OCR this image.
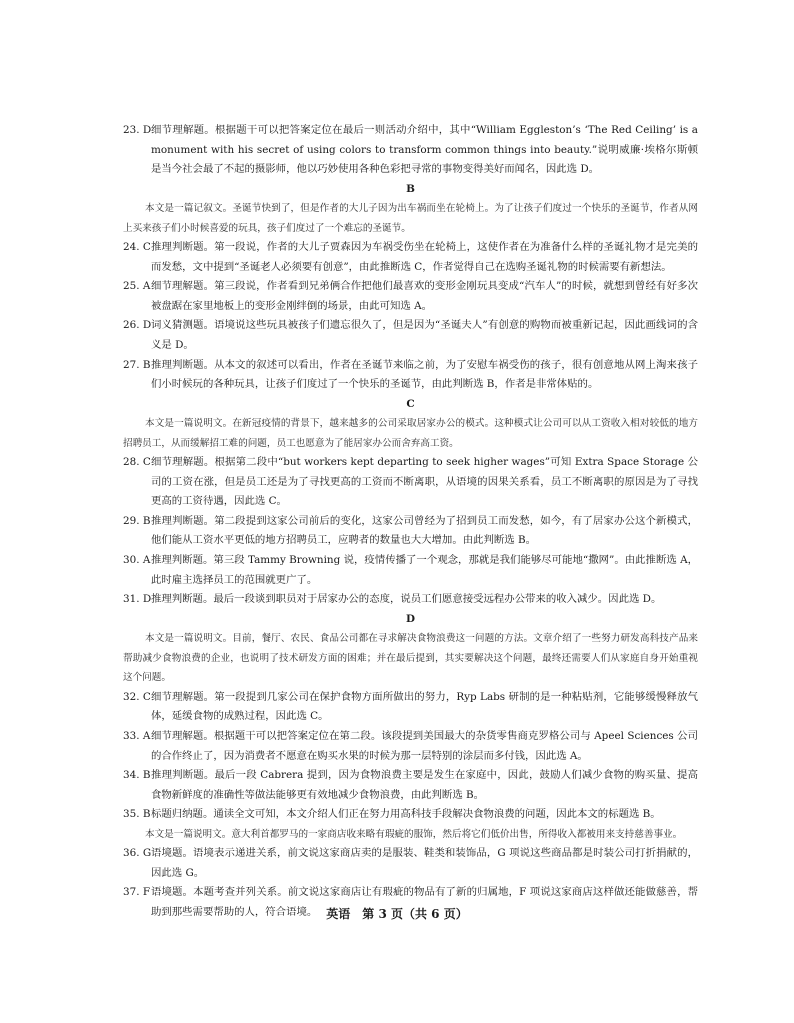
23. D 细节理解题。根据题干可以把答案定位在最后一则活动介绍中，其中“William Eggleston’s ‘The Red Ceiling’ is a monument with his secret of using colors to transform common things into beauty.”说明威廉·埃格尔斯顿是当今社会最了不起的摄影师，他以巧妙使用各种色彩把寻常的事物变得美好而闻名，因此选 D。
B
本文是一篇记叙文。圣诞节快到了，但是作者的大儿子因为出车祸而坐在轮椅上。为了让孩子们度过一个快乐的圣诞节，作者从网上买来孩子们小时候喜爱的玩具，孩子们度过了一个难忘的圣诞节。
24. C 推理判断题。第一段说，作者的大儿子贾森因为车祸受伤坐在轮椅上，这使作者在为准备什么样的圣诞礼物才是完美的而发愁，文中提到“圣诞老人必须要有创意”，由此推断选 C，作者觉得自己在选购圣诞礼物的时候需要有新想法。
25. A 细节理解题。第三段说，作者看到兄弟俩合作把他们最喜欢的变形金刚玩具变成“汽车人”的时候，就想到曾经有好多次被盘踞在家里地板上的变形金刚绊倒的场景，由此可知选 A。
26. D 词义猜测题。语境说这些玩具被孩子们遗忘很久了，但是因为“圣诞夫人”有创意的购物而被重新记起，因此画线词的含义是 D。
27. B 推理判断题。从本文的叙述可以看出，作者在圣诞节来临之前，为了安慰车祸受伤的孩子，很有创意地从网上淘来孩子们小时候玩的各种玩具，让孩子们度过了一个快乐的圣诞节，由此判断选 B，作者是非常体贴的。
C
本文是一篇说明文。在新冠疫情的背景下，越来越多的公司采取居家办公的模式。这种模式让公司可以从工资收入相对较低的地方招聘员工，从而缓解招工难的问题，员工也愿意为了能居家办公而舍弃高工资。
28. C 细节理解题。根据第二段中“but workers kept departing to seek higher wages”可知 Extra Space Storage 公司的工资在涨，但是员工还是为了寻找更高的工资而不断离职，从语境的因果关系看，员工不断离职的原因是为了寻找更高的工资待遇，因此选 C。
29. B 推理判断题。第二段提到这家公司前后的变化，这家公司曾经为了招到员工而发愁，如今，有了居家办公这个新模式，他们能从工资水平更低的地方招聘员工，应聘者的数量也大大增加。由此判断选 B。
30. A 推理判断题。第三段 Tammy Browning 说，疫情传播了一个观念，那就是我们能够尽可能地“撒网”。由此推断选 A，此时雇主选择员工的范围就更广了。
31. D 推理判断题。最后一段谈到职员对于居家办公的态度，说员工们愿意接受远程办公带来的收入减少。因此选 D。
D
本文是一篇说明文。目前，餐厅、农民、食品公司都在寻求解决食物浪费这一问题的方法。文章介绍了一些努力研发高科技产品来帮助减少食物浪费的企业，也说明了技术研发方面的困难；并在最后提到，其实要解决这个问题，最终还需要人们从家庭自身开始重视这个问题。
32. C 细节理解题。第一段提到几家公司在保护食物方面所做出的努力，Ryp Labs 研制的是一种粘贴剂，它能够缓慢释放气体，延缓食物的成熟过程，因此选 C。
33. A 细节理解题。根据题干可以把答案定位在第二段。该段提到美国最大的杂货零售商克罗格公司与 Apeel Sciences 公司的合作终止了，因为消费者不愿意在购买水果的时候为那一层特别的涂层而多付钱，因此选 A。
34. B 推理判断题。最后一段 Cabrera 提到，因为食物浪费主要是发生在家庭中，因此，鼓励人们减少食物的购买量、提高食物新鲜度的准确性等做法能够更有效地减少食物浪费，由此判断选 B。
35. B 标题归纳题。通读全文可知，本文介绍人们正在努力用高科技手段解决食物浪费的问题，因此本文的标题选 B。
本文是一篇说明文。意大利首都罗马的一家商店收来略有瑕疵的服饰，然后将它们低价出售，所得收入都被用来支持慈善事业。
36. G 语境题。语境表示递进关系，前文说这家商店卖的是服装、鞋类和装饰品，G 项说这些商品都是时装公司打折捐献的，因此选 G。
37. F 语境题。本题考查并列关系。前文说这家商店让有瑕疵的物品有了新的归属地，F 项说这家商店这样做还能做慈善，帮助到那些需要帮助的人，符合语境。 英语　第 3 页（共 6 页）
